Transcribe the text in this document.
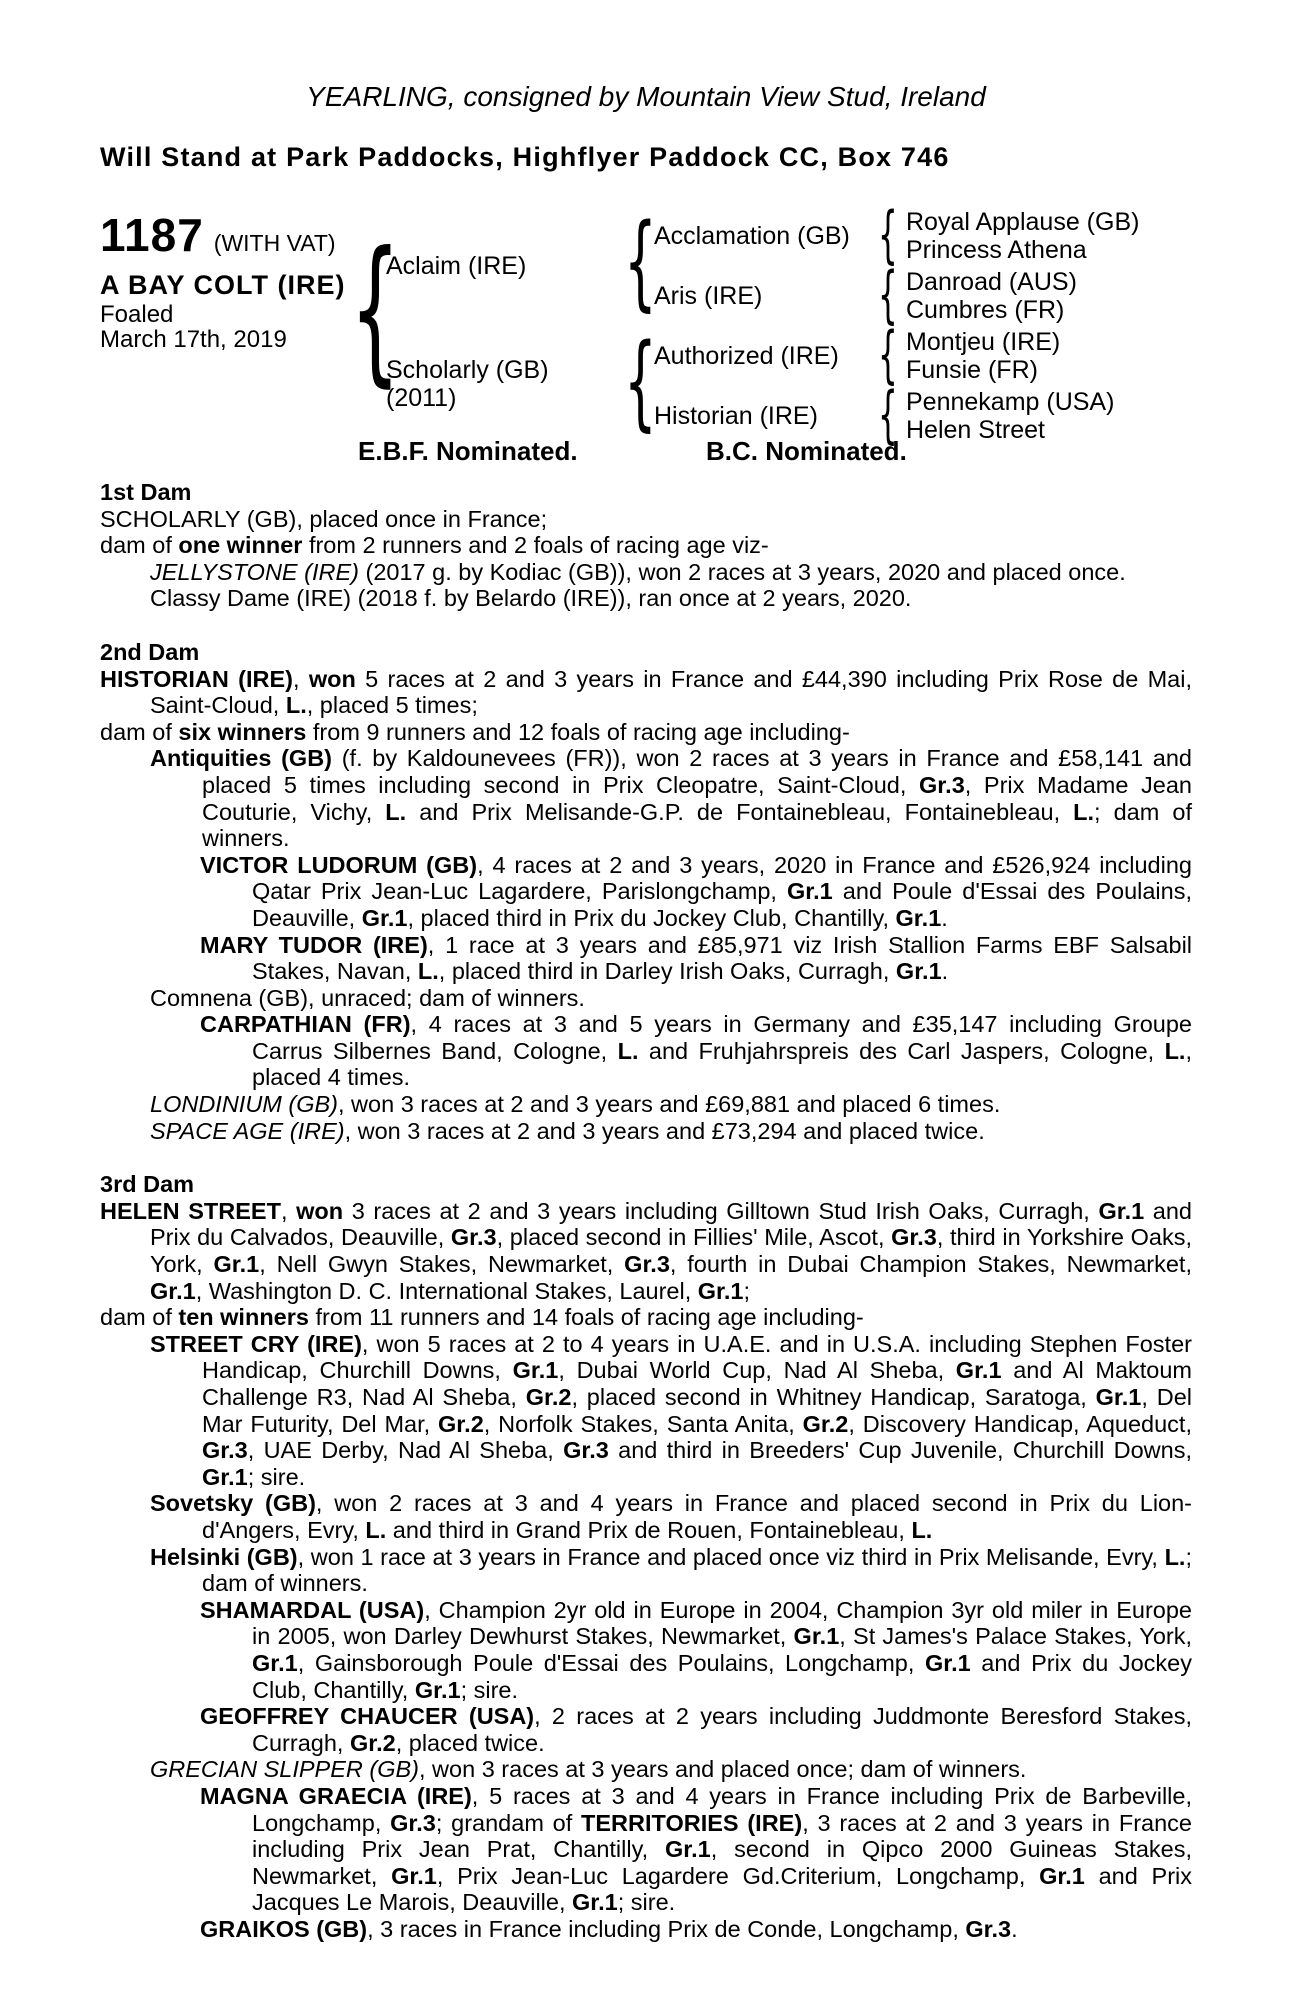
YEARLING, consigned by Mountain View Stud, Ireland
Will Stand at Park Paddocks, Highflyer Paddock CC, Box 746
1187 (WITH VAT)
A BAY COLT (IRE)
Foaled
March 17th, 2019 { {
{
{
{
{
{
Aclaim (IRE)
Scholarly (GB)
(2011)
Acclamation (GB)
Aris (IRE)
Authorized (IRE)
Historian (IRE)
Royal Applause (GB)
Princess Athena
Danroad (AUS)
Cumbres (FR)
Montjeu (IRE)
Funsie (FR)
Pennekamp (USA)
Helen Street
E.B.F. Nominated.	B.C. Nominated.
1st Dam
SCHOLARLY (GB), placed once in France;
dam of one winner from 2 runners and 2 foals of racing age viz-
JELLYSTONE (IRE) (2017 g. by Kodiac (GB)), won 2 races at 3 years, 2020 and placed once.
Classy Dame (IRE) (2018 f. by Belardo (IRE)), ran once at 2 years, 2020.
2nd Dam
HISTORIAN (IRE), won 5 races at 2 and 3 years in France and £44,390 including Prix Rose de Mai, Saint-Cloud, L., placed 5 times;
dam of six winners from 9 runners and 12 foals of racing age including-
Antiquities (GB) (f. by Kaldounevees (FR)), won 2 races at 3 years in France and £58,141 and placed 5 times including second in Prix Cleopatre, Saint-Cloud, Gr.3, Prix Madame Jean Couturie, Vichy, L. and Prix Melisande-G.P. de Fontainebleau, Fontainebleau, L.; dam of winners.
VICTOR LUDORUM (GB), 4 races at 2 and 3 years, 2020 in France and £526,924 including Qatar Prix Jean-Luc Lagardere, Parislongchamp, Gr.1 and Poule d'Essai des Poulains, Deauville, Gr.1, placed third in Prix du Jockey Club, Chantilly, Gr.1.
MARY TUDOR (IRE), 1 race at 3 years and £85,971 viz Irish Stallion Farms EBF Salsabil Stakes, Navan, L., placed third in Darley Irish Oaks, Curragh, Gr.1.
Comnena (GB), unraced; dam of winners.
CARPATHIAN (FR), 4 races at 3 and 5 years in Germany and £35,147 including Groupe Carrus Silbernes Band, Cologne, L. and Fruhjahrspreis des Carl Jaspers, Cologne, L., placed 4 times.
LONDINIUM (GB), won 3 races at 2 and 3 years and £69,881 and placed 6 times.
SPACE AGE (IRE), won 3 races at 2 and 3 years and £73,294 and placed twice.
3rd Dam
HELEN STREET, won 3 races at 2 and 3 years including Gilltown Stud Irish Oaks, Curragh, Gr.1 and Prix du Calvados, Deauville, Gr.3, placed second in Fillies' Mile, Ascot, Gr.3, third in Yorkshire Oaks, York, Gr.1, Nell Gwyn Stakes, Newmarket, Gr.3, fourth in Dubai Champion Stakes, Newmarket, Gr.1, Washington D. C. International Stakes, Laurel, Gr.1;
dam of ten winners from 11 runners and 14 foals of racing age including-
STREET CRY (IRE), won 5 races at 2 to 4 years in U.A.E. and in U.S.A. including Stephen Foster Handicap, Churchill Downs, Gr.1, Dubai World Cup, Nad Al Sheba, Gr.1 and Al Maktoum Challenge R3, Nad Al Sheba, Gr.2, placed second in Whitney Handicap, Saratoga, Gr.1, Del Mar Futurity, Del Mar, Gr.2, Norfolk Stakes, Santa Anita, Gr.2, Discovery Handicap, Aqueduct, Gr.3, UAE Derby, Nad Al Sheba, Gr.3 and third in Breeders' Cup Juvenile, Churchill Downs, Gr.1; sire.
Sovetsky (GB), won 2 races at 3 and 4 years in France and placed second in Prix du Lion-d'Angers, Evry, L. and third in Grand Prix de Rouen, Fontainebleau, L.
Helsinki (GB), won 1 race at 3 years in France and placed once viz third in Prix Melisande, Evry, L.; dam of winners.
SHAMARDAL (USA), Champion 2yr old in Europe in 2004, Champion 3yr old miler in Europe in 2005, won Darley Dewhurst Stakes, Newmarket, Gr.1, St James's Palace Stakes, York, Gr.1, Gainsborough Poule d'Essai des Poulains, Longchamp, Gr.1 and Prix du Jockey Club, Chantilly, Gr.1; sire.
GEOFFREY CHAUCER (USA), 2 races at 2 years including Juddmonte Beresford Stakes, Curragh, Gr.2, placed twice.
GRECIAN SLIPPER (GB), won 3 races at 3 years and placed once; dam of winners.
MAGNA GRAECIA (IRE), 5 races at 3 and 4 years in France including Prix de Barbeville, Longchamp, Gr.3; grandam of TERRITORIES (IRE), 3 races at 2 and 3 years in France including Prix Jean Prat, Chantilly, Gr.1, second in Qipco 2000 Guineas Stakes, Newmarket, Gr.1, Prix Jean-Luc Lagardere Gd.Criterium, Longchamp, Gr.1 and Prix Jacques Le Marois, Deauville, Gr.1; sire.
GRAIKOS (GB), 3 races in France including Prix de Conde, Longchamp, Gr.3.
